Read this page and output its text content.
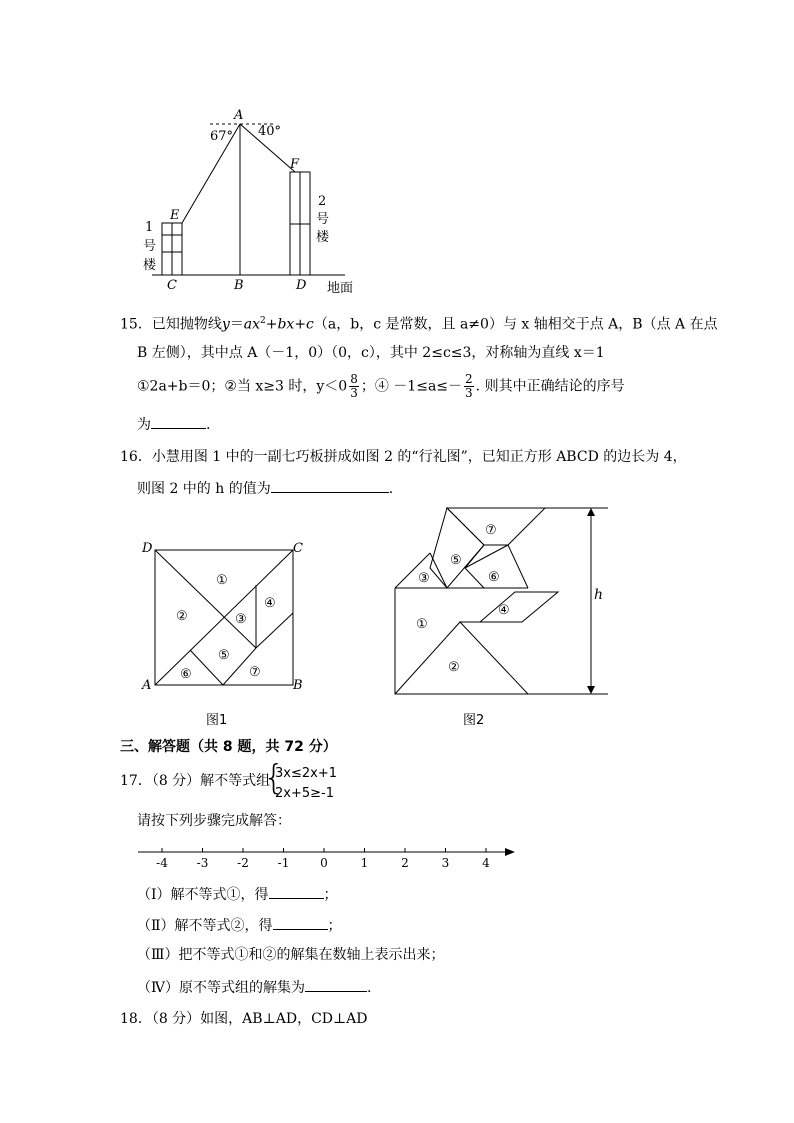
A
67° 40°
E
F
C	B	D
1
号
楼
2
号
楼
地面
15．已知抛物线$y=ax^2+bx+c(a$，b，c 是常数，且 a≠0）与 x 轴相交于点 A，B（点 A 在点
B 左侧），其中点 A（－1，0）（0，c），其中 2≤c≤3，对称轴为直线 x＝1
①2a+b＝0；②当 x≥3 时，$y<0 \frac{8}{3}$ ；④ $-1\le a\le- \frac{2}{3}$ . 则其中正确结论的序号
为	.
16．小慧用图 1 中的一副七巧板拼成如图 2 的“行礼图”，已知正方形 ABCD 的边长为 4，
则图 2 中的 h 的值为	.
D	C
A	B
①
②	③
④
⑤
⑥	⑦
图1
⑦
⑤
③	⑥
④
①
②
h
图2
三、解答题（共 8 题，共 72 分）
17．（8 分）解不等式组
{
3x≤2x+1
2x+5≥-1
请按下列步骤完成解答：
-4 -3 -2 -1	0	1	2	3	4
（Ⅰ）解不等式①，得	；
（Ⅱ）解不等式②，得	；
（Ⅲ）把不等式①和②的解集在数轴上表示出来；
（Ⅳ）原不等式组的解集为	.
18．（8 分）如图，AB⊥AD，CD⊥AD
